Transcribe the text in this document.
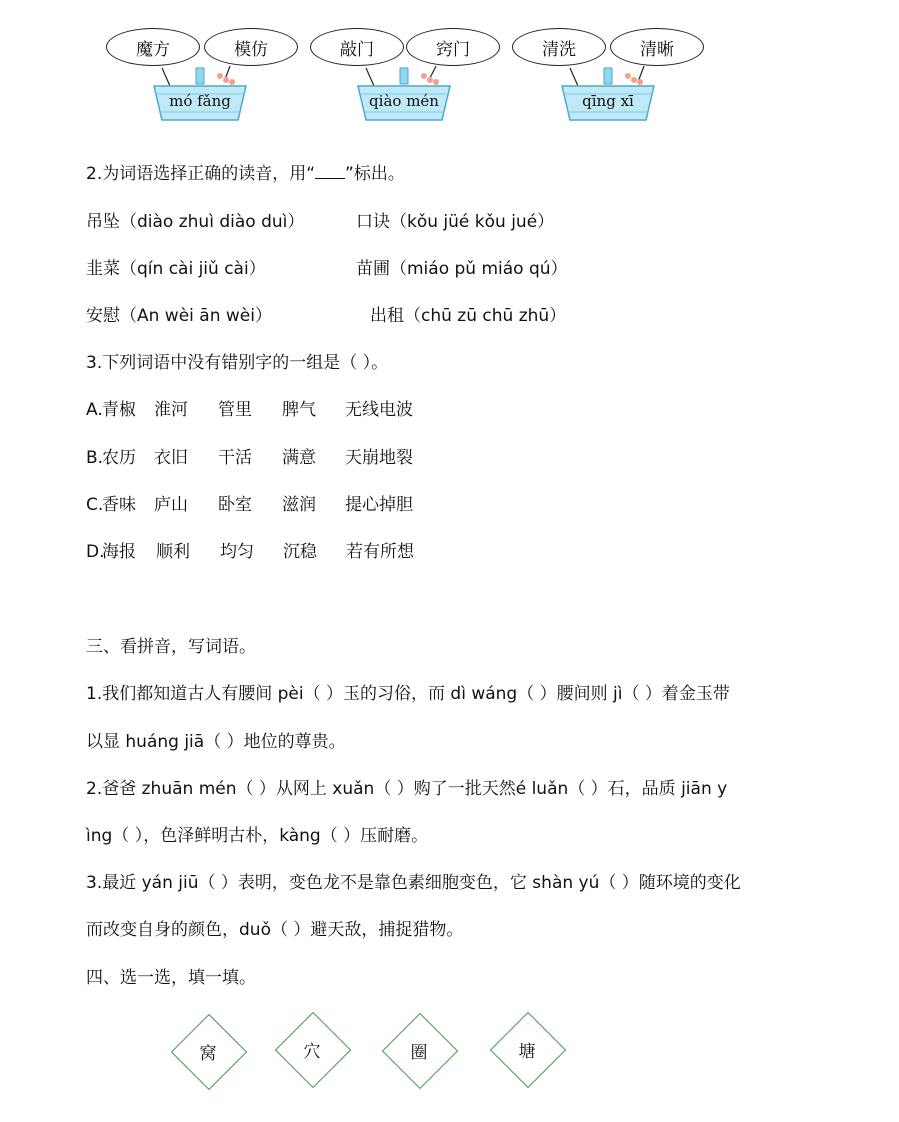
魔方	模仿
mó fǎng
敲门	窍门
qiào mén
清洗	清晰
qīng xī
2.为词语选择正确的读音，用“ ”标出。
吊坠（diào zhuì diào duì）	口诀（kǒu jüé kǒu jué）
韭菜（qín cài jiǔ cài）	苗圃（miáo pǔ miáo qú）
安慰（An wèi ān wèi）	出租（chū zū chū zhū）
3.下列词语中没有错别字的一组是（ ）。
A. 青椒 淮河 管里 脾气 无线电波
B.
农历 衣旧 干活 满意 天崩地裂
C.
香味 庐山 卧室 滋润 提心掉胆
D.
海报 顺利 均匀 沉稳 若有所想
三、看拼音，写词语。
1.我们都知道古人有腰间 pèi（ ）玉的习俗，而 dì wáng（ ）腰间则 jì（ ）着金玉带
以显 huáng jiā（ ）地位的尊贵。
2.爸爸 zhuān mén（ ）从网上 xuǎn（ ）购了一批天然é luǎn（ ）石，品质 jiān y
ìng（ ），色泽鲜明古朴，kàng（ ）压耐磨。
3.最近 yán jiū（ ）表明，变色龙不是靠色素细胞变色，它 shàn yú（ ）随环境的变化
而改变自身的颜色，duǒ（ ）避天敌，捕捉猎物。
四、选一选，填一填。
窝	穴	圈	塘
